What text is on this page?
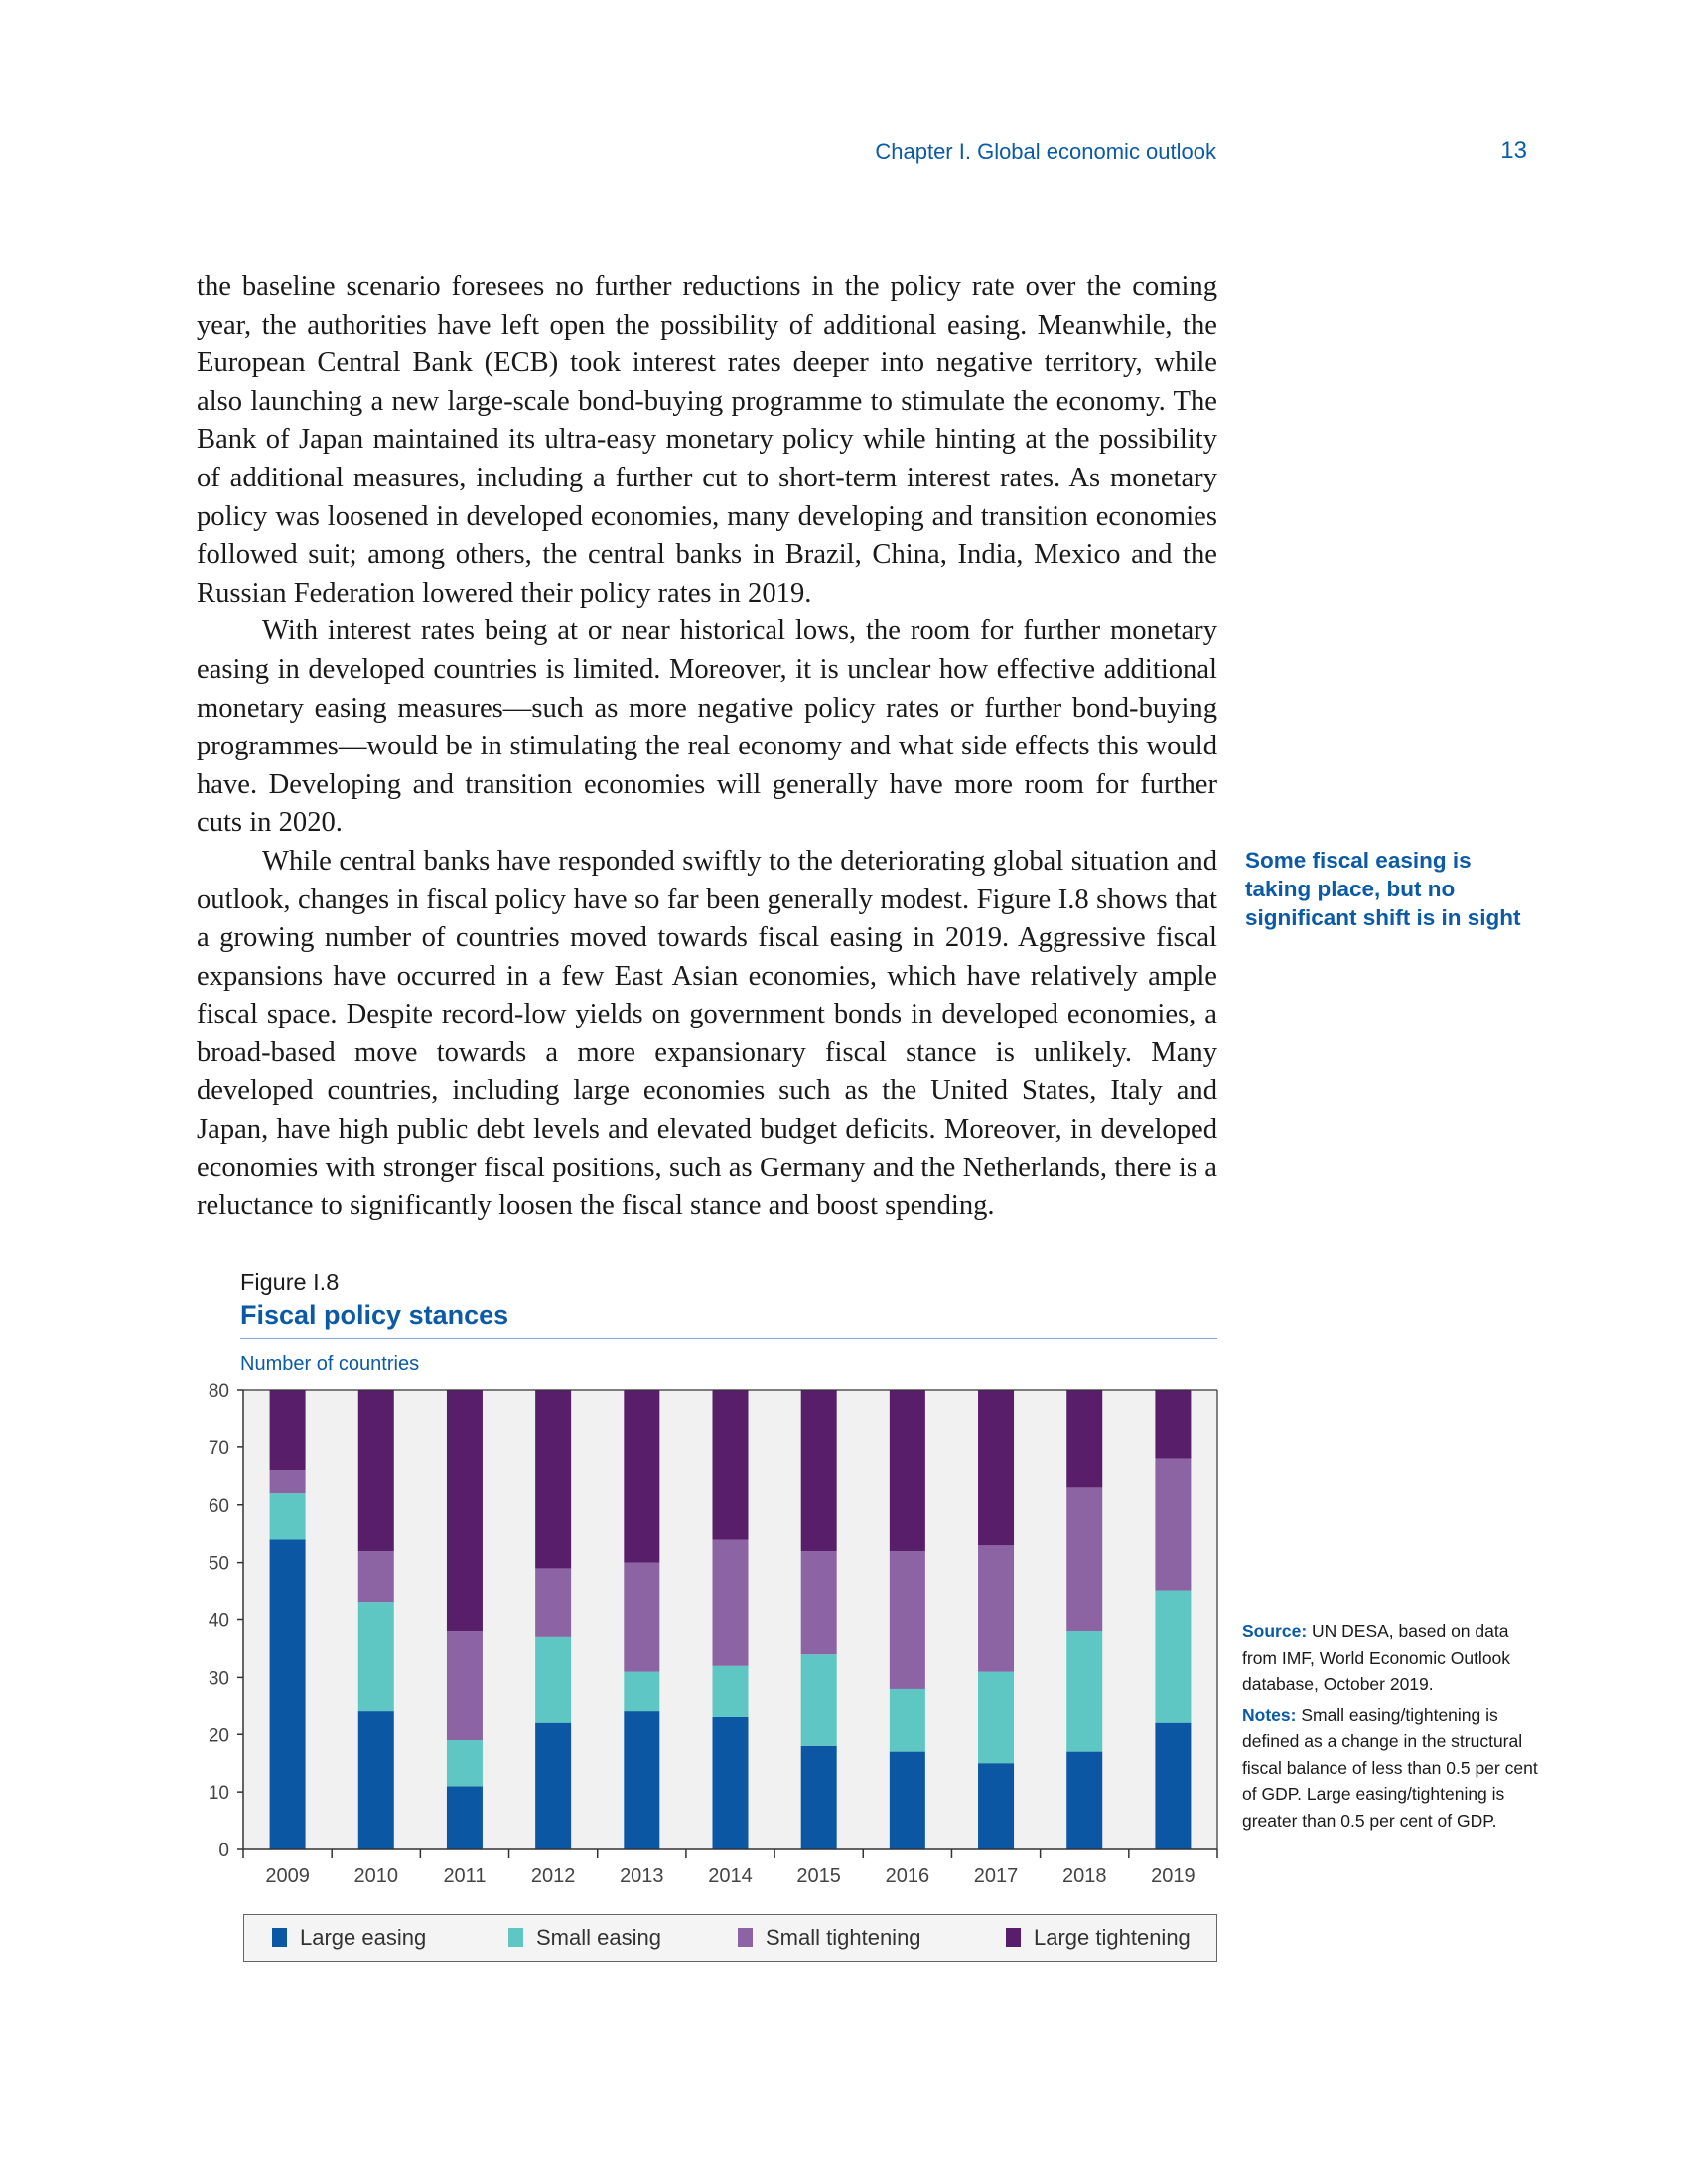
Chapter I. Global economic outlook	13

the baseline scenario foresees no further reductions in the policy rate over the coming year, the authorities have left open the possibility of additional easing. Meanwhile, the European Central Bank (ECB) took interest rates deeper into negative territory, while also launching a new large-scale bond-buying programme to stimulate the economy. The Bank of Japan maintained its ultra-easy monetary policy while hinting at the possibility of additional measures, including a further cut to short-term interest rates. As monetary policy was loosened in developed economies, many developing and transition economies followed suit; among others, the central banks in Brazil, China, India, Mexico and the Russian Federation lowered their policy rates in 2019.

With interest rates being at or near historical lows, the room for further monetary easing in developed countries is limited. Moreover, it is unclear how effective additional monetary easing measures—such as more negative policy rates or further bond-buying programmes—would be in stimulating the real economy and what side effects this would have. Developing and transition economies will generally have more room for further cuts in 2020.

While central banks have responded swiftly to the deteriorating global situation and outlook, changes in fiscal policy have so far been generally modest. Figure I.8 shows that a growing number of countries moved towards fiscal easing in 2019. Aggressive fiscal expansions have occurred in a few East Asian economies, which have relatively ample fiscal space. Despite record-low yields on government bonds in developed economies, a broad-based move towards a more expansionary fiscal stance is unlikely. Many developed countries, including large economies such as the United States, Italy and Japan, have high public debt levels and elevated budget deficits. Moreover, in developed economies with stronger fiscal positions, such as Germany and the Netherlands, there is a reluctance to significantly loosen the fiscal stance and boost spending.

Some fiscal easing is taking place, but no significant shift is in sight
Figure I.8
Fiscal policy stances
Number of countries
0
10
20
30
40
50
60
70
80
2009 2010 2011 2012 2013 2014 2015 2016 2017 2018 2019

Source: UN DESA, based on data from IMF, World Economic Outlook database, October 2019.

Notes: Small easing/tightening is defined as a change in the structural fiscal balance of less than 0.5 per cent of GDP. Large easing/tightening is greater than 0.5 per cent of GDP.

Large easing	Small easing	Small tightening	Large tightening
